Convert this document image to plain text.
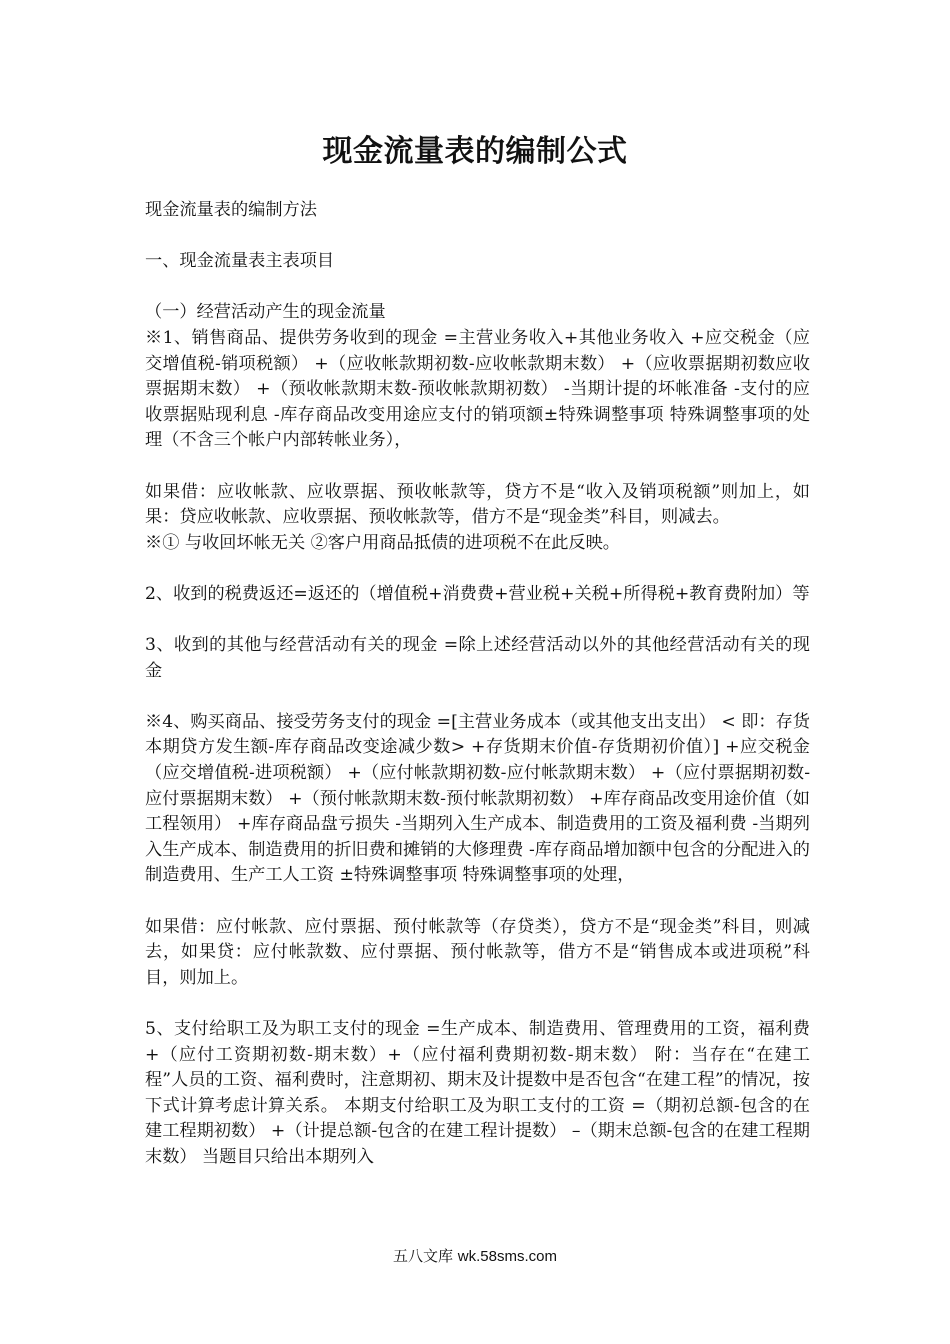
现金流量表的编制公式

现金流量表的编制方法

一、现金流量表主表项目

（一）经营活动产生的现金流量

※1、销售商品、提供劳务收到的现金 =主营业务收入+其他业务收入 +应交税金（应交增值税-销项税额） +（应收帐款期初数-应收帐款期末数） +（应收票据期初数应收票据期末数） +（预收帐款期末数-预收帐款期初数） -当期计提的坏帐准备 -支付的应收票据贴现利息 -库存商品改变用途应支付的销项额±特殊调整事项 特殊调整事项的处理（不含三个帐户内部转帐业务），

如果借：应收帐款、应收票据、预收帐款等，贷方不是“收入及销项税额”则加上，如果：贷应收帐款、应收票据、预收帐款等，借方不是“现金类”科目，则减去。

※① 与收回坏帐无关 ②客户用商品抵债的进项税不在此反映。

2、收到的税费返还=返还的（增值税+消费费+营业税+关税+所得税+教育费附加）等

3、收到的其他与经营活动有关的现金 =除上述经营活动以外的其他经营活动有关的现金

※4、购买商品、接受劳务支付的现金 =[主营业务成本（或其他支出支出） < 即：存货本期贷方发生额-库存商品改变途减少数> +存货期末价值-存货期初价值）] +应交税金（应交增值税-进项税额） +（应付帐款期初数-应付帐款期末数） +（应付票据期初数-应付票据期末数） +（预付帐款期末数-预付帐款期初数） +库存商品改变用途价值（如工程领用） +库存商品盘亏损失 -当期列入生产成本、制造费用的工资及福利费 -当期列入生产成本、制造费用的折旧费和摊销的大修理费 -库存商品增加额中包含的分配进入的制造费用、生产工人工资 ±特殊调整事项 特殊调整事项的处理，

如果借：应付帐款、应付票据、预付帐款等（存贷类），贷方不是“现金类”科目，则减去，如果贷：应付帐款数、应付票据、预付帐款等，借方不是“销售成本或进项税”科目，则加上。

5、支付给职工及为职工支付的现金 =生产成本、制造费用、管理费用的工资，福利费 +（应付工资期初数-期末数）+（应付福利费期初数-期末数） 附：当存在“在建工程”人员的工资、福利费时，注意期初、期末及计提数中是否包含“在建工程”的情况，按下式计算考虑计算关系。 本期支付给职工及为职工支付的工资 =（期初总额-包含的在建工程期初数） +（计提总额-包含的在建工程计提数） –（期末总额-包含的在建工程期末数） 当题目只给出本期列入

五八文库 wk.58sms.com
